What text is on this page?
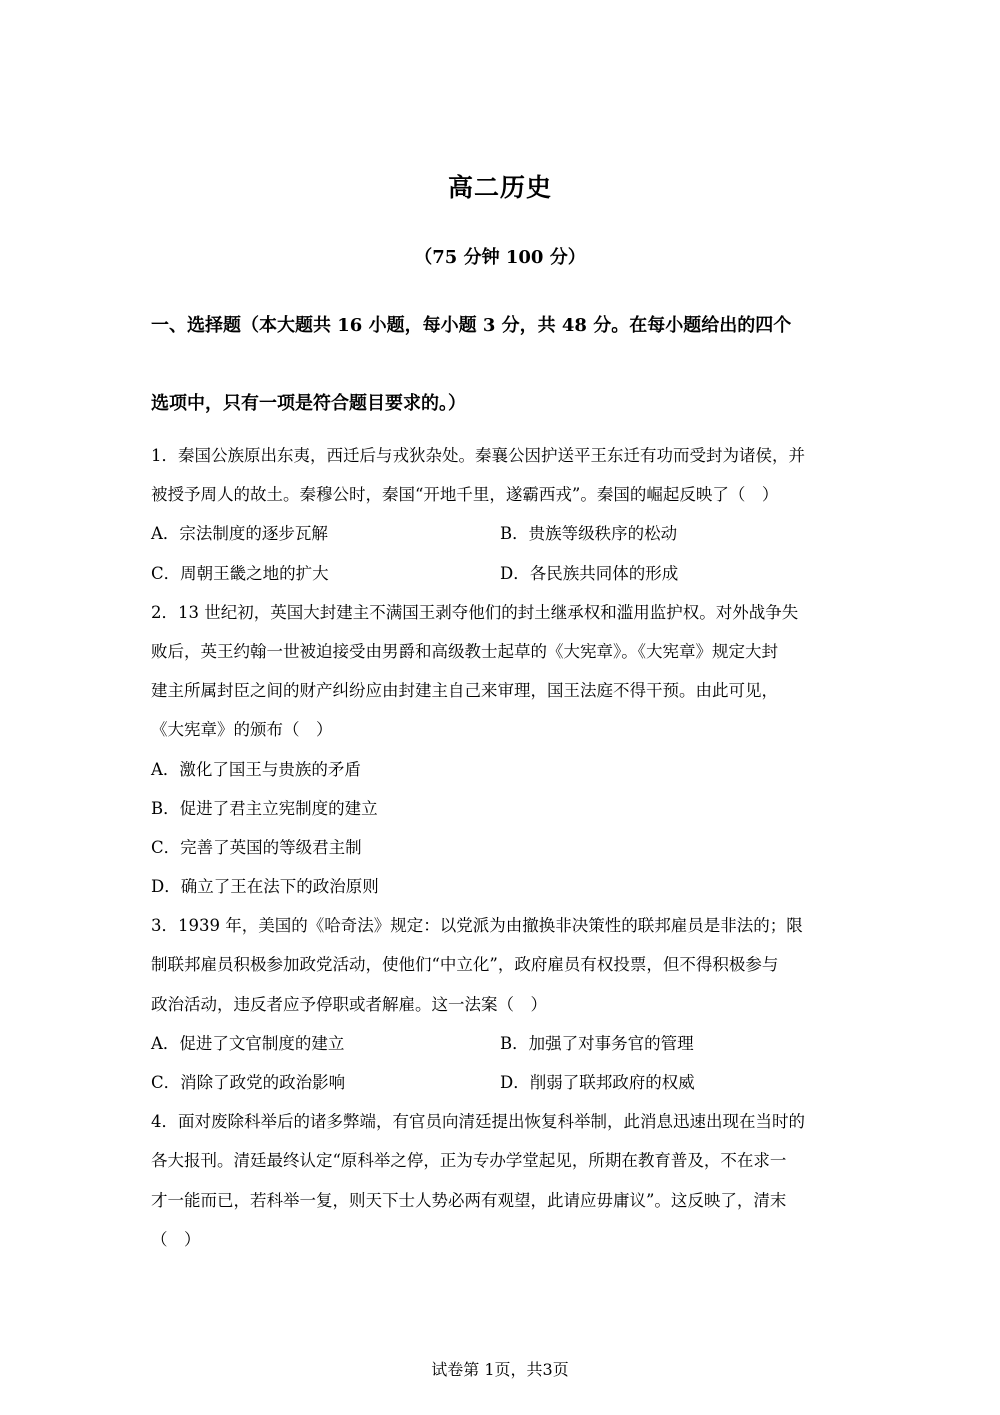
高二历史
（75 分钟 100 分）
一、选择题（本大题共 16 小题，每小题 3 分，共 48 分。在每小题给出的四个
选项中，只有一项是符合题目要求的。）
1．秦国公族原出东夷，西迁后与戎狄杂处。秦襄公因护送平王东迁有功而受封为诸侯，并
被授予周人的故土。秦穆公时，秦国“开地千里，遂霸西戎”。秦国的崛起反映了（　）
A．宗法制度的逐步瓦解	B．贵族等级秩序的松动
C．周朝王畿之地的扩大	D．各民族共同体的形成
2．13 世纪初，英国大封建主不满国王剥夺他们的封土继承权和滥用监护权。对外战争失
败后，英王约翰一世被迫接受由男爵和高级教士起草的《大宪章》。《大宪章》规定大封
建主所属封臣之间的财产纠纷应由封建主自己来审理，国王法庭不得干预。由此可见，
《大宪章》的颁布（　）
A．激化了国王与贵族的矛盾
B．促进了君主立宪制度的建立
C．完善了英国的等级君主制
D．确立了王在法下的政治原则
3．1939 年，美国的《哈奇法》规定：以党派为由撤换非决策性的联邦雇员是非法的；限
制联邦雇员积极参加政党活动，使他们“中立化”，政府雇员有权投票，但不得积极参与
政治活动，违反者应予停职或者解雇。这一法案（　）
A．促进了文官制度的建立	B．加强了对事务官的管理
C．消除了政党的政治影响	D．削弱了联邦政府的权威
4．面对废除科举后的诸多弊端，有官员向清廷提出恢复科举制，此消息迅速出现在当时的
各大报刊。清廷最终认定“原科举之停，正为专办学堂起见，所期在教育普及，不在求一
才一能而已，若科举一复，则天下士人势必两有观望，此请应毋庸议”。这反映了，清末
（　）
试卷第 1页，共3页
